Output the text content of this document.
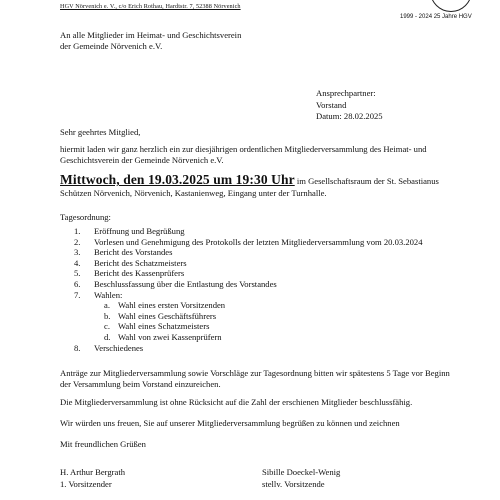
HGV Nörvenich e. V., c/o Erich Rothau, Hardtstr. 7, 52388 Nörvenich
1999 - 2024 25 Jahre HGV
An alle Mitglieder im Heimat- und Geschichtsverein
der Gemeinde Nörvenich e.V.
Ansprechpartner:
Vorstand
Datum: 28.02.2025
Sehr geehrtes Mitglied,
hiermit laden wir ganz herzlich ein zur diesjährigen ordentlichen Mitgliederversammlung des Heimat- und Geschichtsverein der Gemeinde Nörvenich e.V.
Mittwoch, den 19.03.2025 um 19:30 Uhr im Gesellschaftsraum der St. Sebastianus Schützen Nörvenich, Nörvenich, Kastanienweg, Eingang unter der Turnhalle.
Tagesordnung:
1.	Eröffnung und Begrüßung
2.	Vorlesen und Genehmigung des Protokolls der letzten Mitgliederversammlung vom 20.03.2024
3.	Bericht des Vorstandes
4.	Bericht des Schatzmeisters
5.	Bericht des Kassenprüfers
6.	Beschlussfassung über die Entlastung des Vorstandes
7.	Wahlen:
a. Wahl eines ersten Vorsitzenden
b. Wahl eines Geschäftsführers
c. Wahl eines Schatzmeisters
d. Wahl von zwei Kassenprüfern
8.	Verschiedenes
Anträge zur Mitgliederversammlung sowie Vorschläge zur Tagesordnung bitten wir spätestens 5 Tage vor Beginn der Versammlung beim Vorstand einzureichen.
Die Mitgliederversammlung ist ohne Rücksicht auf die Zahl der erschienen Mitglieder beschlussfähig.
Wir würden uns freuen, Sie auf unserer Mitgliederversammlung begrüßen zu können und zeichnen
Mit freundlichen Grüßen
H. Arthur Bergrath
1. Vorsitzender
Sibille Doeckel-Wenig
stellv. Vorsitzende
